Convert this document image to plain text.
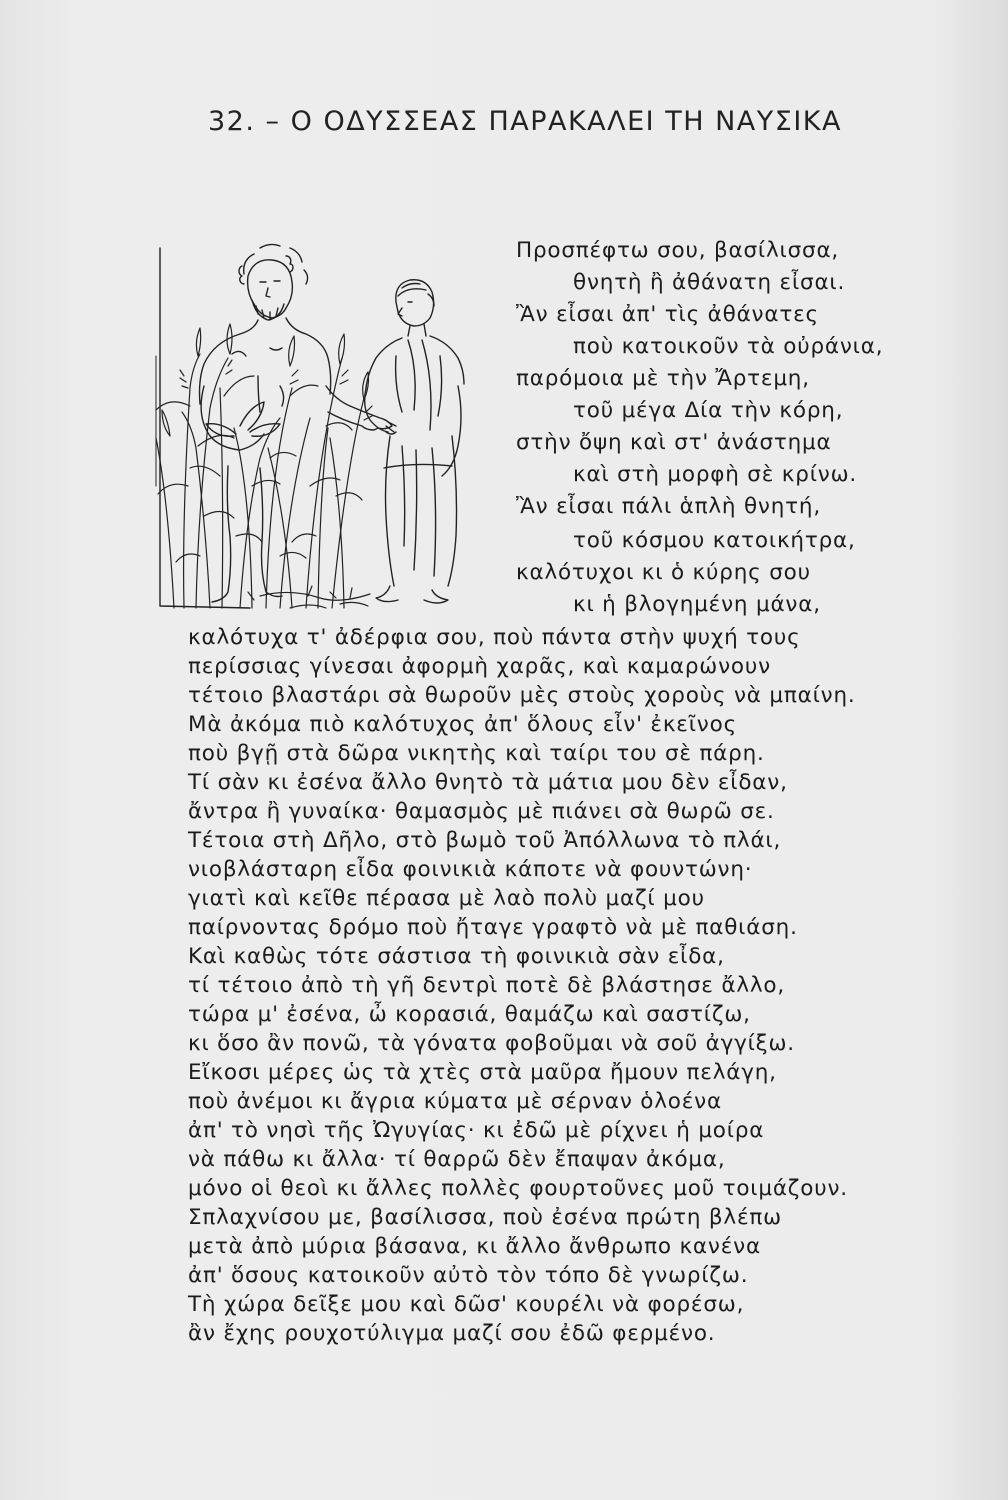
32. – Ο ΟΔΥΣΣΕΑΣ ΠΑΡΑΚΑΛΕΙ ΤΗ ΝΑΥΣΙΚΑ
Προσπέφτω σου, βασίλισσα,
θνητὴ ἢ ἀθάνατη εἶσαι.
Ἂν εἶσαι ἀπ' τὶς ἀθάνατες
ποὺ κατοικοῦν τὰ οὐράνια,
παρόμοια μὲ τὴν Ἄρτεμη,
τοῦ μέγα Δία τὴν κόρη,
στὴν ὄψη καὶ στ' ἀνάστημα
καὶ στὴ μορφὴ σὲ κρίνω.
Ἂν εἶσαι πάλι ἁπλὴ θνητή,
τοῦ κόσμου κατοικήτρα,
καλότυχοι κι ὁ κύρης σου
κι ἡ βλογημένη μάνα,
καλότυχα τ' ἀδέρφια σου, ποὺ πάντα στὴν ψυχή τους
περίσσιας γίνεσαι ἀφορμὴ χαρᾶς, καὶ καμαρώνουν
τέτοιο βλαστάρι σὰ θωροῦν μὲς στοὺς χοροὺς νὰ μπαίνη.
Μὰ ἀκόμα πιὸ καλότυχος ἀπ' ὅλους εἶν' ἐκεῖνος
ποὺ βγῇ στὰ δῶρα νικητὴς καὶ ταίρι του σὲ πάρη.
Τί σὰν κι ἐσένα ἄλλο θνητὸ τὰ μάτια μου δὲν εἶδαν,
ἄντρα ἢ γυναίκα· θαμασμὸς μὲ πιάνει σὰ θωρῶ σε.
Τέτοια στὴ Δῆλο, στὸ βωμὸ τοῦ Ἀπόλλωνα τὸ πλάι,
νιοβλάσταρη εἶδα φοινικιὰ κάποτε νὰ φουντώνη·
γιατὶ καὶ κεῖθε πέρασα μὲ λαὸ πολὺ μαζί μου
παίρνοντας δρόμο ποὺ ἤταγε γραφτὸ νὰ μὲ παθιάση.
Καὶ καθὼς τότε σάστισα τὴ φοινικιὰ σὰν εἶδα,
τί τέτοιο ἀπὸ τὴ γῆ δεντρὶ ποτὲ δὲ βλάστησε ἄλλο,
τώρα μ' ἐσένα, ὦ κορασιά, θαμάζω καὶ σαστίζω,
κι ὅσο ἂν πονῶ, τὰ γόνατα φοβοῦμαι νὰ σοῦ ἀγγίξω.
Εἴκοσι μέρες ὡς τὰ χτὲς στὰ μαῦρα ἤμουν πελάγη,
ποὺ ἀνέμοι κι ἄγρια κύματα μὲ σέρναν ὁλοένα
ἀπ' τὸ νησὶ τῆς Ὠγυγίας· κι ἐδῶ μὲ ρίχνει ἡ μοίρα
νὰ πάθω κι ἄλλα· τί θαρρῶ δὲν ἔπαψαν ἀκόμα,
μόνο οἱ θεοὶ κι ἄλλες πολλὲς φουρτοῦνες μοῦ τοιμάζουν.
Σπλαχνίσου με, βασίλισσα, ποὺ ἐσένα πρώτη βλέπω
μετὰ ἀπὸ μύρια βάσανα, κι ἄλλο ἄνθρωπο κανένα
ἀπ' ὅσους κατοικοῦν αὐτὸ τὸν τόπο δὲ γνωρίζω.
Τὴ χώρα δεῖξε μου καὶ δῶσ' κουρέλι νὰ φορέσω,
ἂν ἔχης ρουχοτύλιγμα μαζί σου ἐδῶ φερμένο.
